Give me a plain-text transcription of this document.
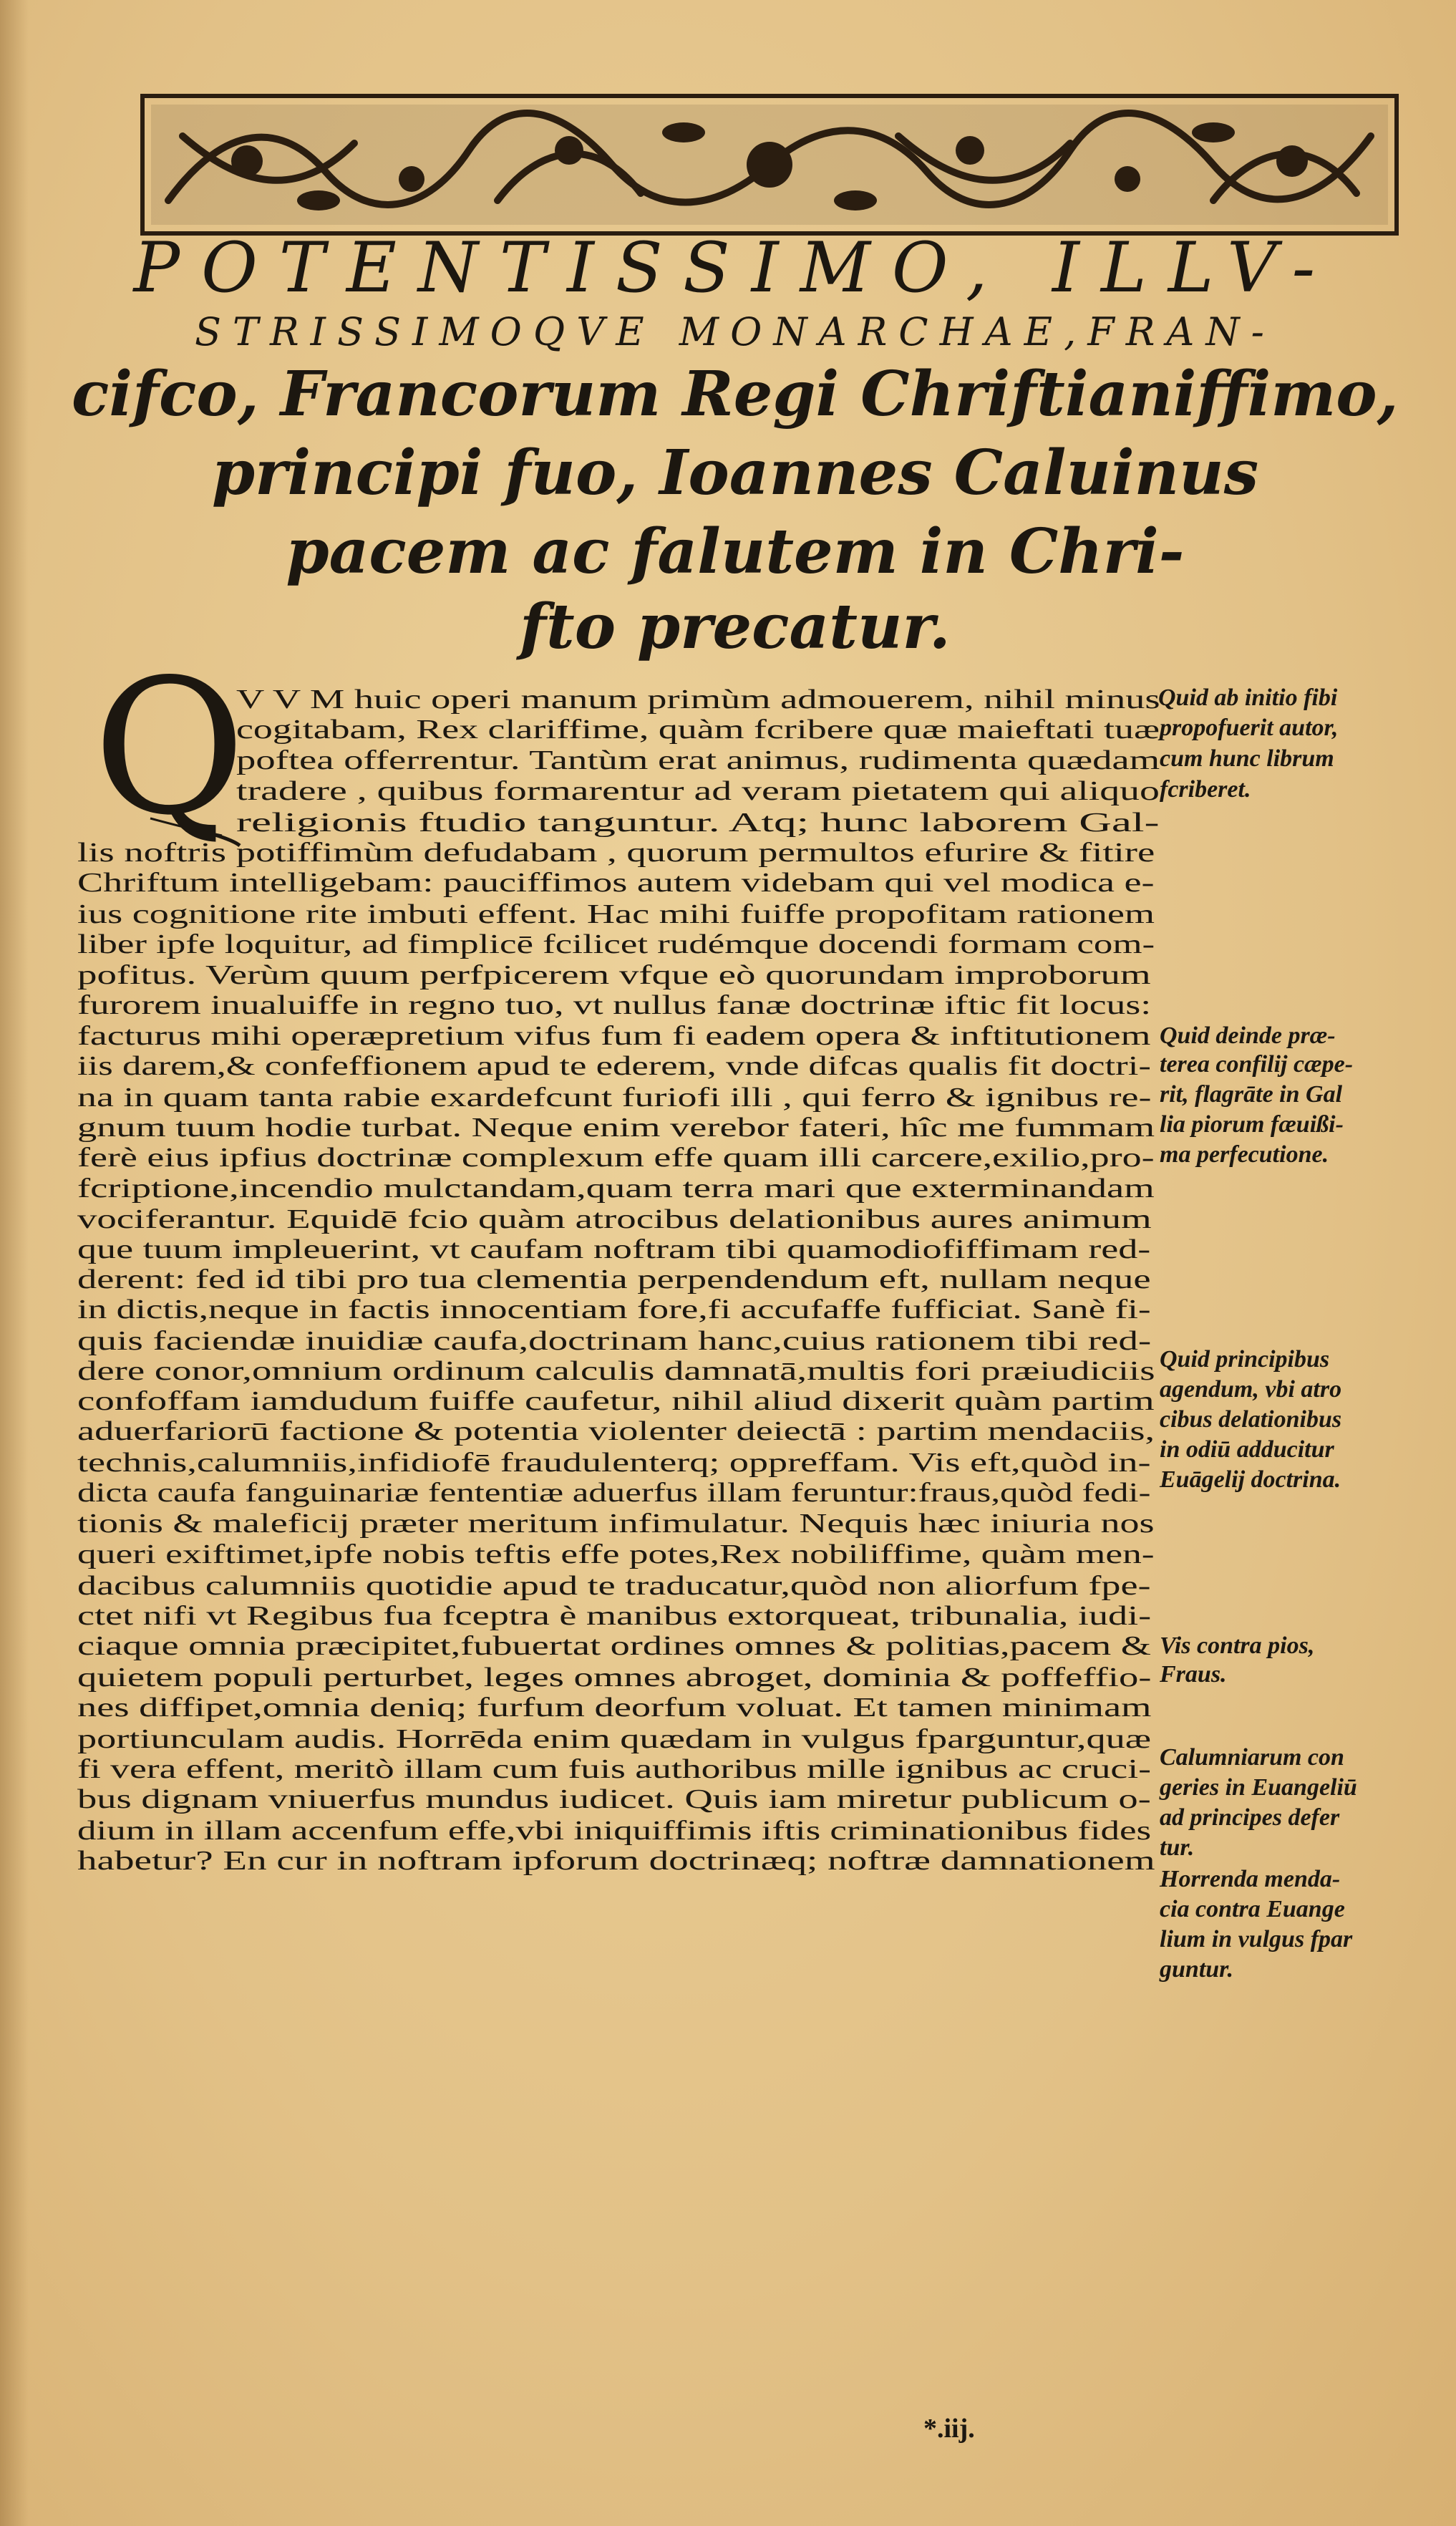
POTENTISSIMO, ILLV-
STRISSIMOQVE MONARCHAE,FRAN-
cifco, Francorum Regi Chriftianiffimo,
principi fuo, Ioannes Caluinus
pacem ac falutem in Chri-
fto precatur.
Q
V V M huic operi manum primùm admouerem, nihil minus
cogitabam, Rex clariffime, quàm fcribere quæ maieftati tuæ
poftea offerrentur. Tantùm erat animus, rudimenta quædam
tradere , quibus formarentur ad veram pietatem qui aliquo
religionis ftudio tanguntur. Atq; hunc laborem Gal-
lis noftris potiffimùm defudabam , quorum permultos efurire & fitire
Chriftum intelligebam: pauciffimos autem videbam qui vel modica e-
ius cognitione rite imbuti effent. Hac mihi fuiffe propofitam rationem
liber ipfe loquitur, ad fimplicē fcilicet rudémque docendi formam com-
pofitus. Verùm quum perfpicerem vfque eò quorundam improborum
furorem inualuiffe in regno tuo, vt nullus fanæ doctrinæ iftic fit locus:
facturus mihi operæpretium vifus fum fi eadem opera & inftitutionem
iis darem,& confeffionem apud te ederem, vnde difcas qualis fit doctri-
na in quam tanta rabie exardefcunt furiofi illi , qui ferro & ignibus re-
gnum tuum hodie turbat. Neque enim verebor fateri, hîc me fummam
ferè eius ipfius doctrinæ complexum effe quam illi carcere,exilio,pro-
fcriptione,incendio mulctandam,quam terra mari que exterminandam
vociferantur. Equidē fcio quàm atrocibus delationibus aures animum
que tuum impleuerint, vt caufam noftram tibi quamodiofiffimam red-
derent: fed id tibi pro tua clementia perpendendum eft, nullam neque
in dictis,neque in factis innocentiam fore,fi accufaffe fufficiat. Sanè fi-
quis faciendæ inuidiæ caufa,doctrinam hanc,cuius rationem tibi red-
dere conor,omnium ordinum calculis damnatā,multis fori præiudiciis
confoffam iamdudum fuiffe caufetur, nihil aliud dixerit quàm partim
aduerfariorū factione & potentia violenter deiectā : partim mendaciis,
technis,calumniis,infidiofē fraudulenterq; oppreffam. Vis eft,quòd in-
dicta caufa fanguinariæ fententiæ aduerfus illam feruntur:fraus,quòd fedi-
tionis & maleficij præter meritum infimulatur. Nequis hæc iniuria nos
queri exiftimet,ipfe nobis teftis effe potes,Rex nobiliffime, quàm men-
dacibus calumniis quotidie apud te traducatur,quòd non aliorfum fpe-
ctet nifi vt Regibus fua fceptra è manibus extorqueat, tribunalia, iudi-
ciaque omnia præcipitet,fubuertat ordines omnes & politias,pacem &
quietem populi perturbet, leges omnes abroget, dominia & poffeffio-
nes diffipet,omnia deniq; furfum deorfum voluat. Et tamen minimam
portiunculam audis. Horrēda enim quædam in vulgus fparguntur,quæ
fi vera effent, meritò illam cum fuis authoribus mille ignibus ac cruci-
bus dignam vniuerfus mundus iudicet. Quis iam miretur publicum o-
dium in illam accenfum effe,vbi iniquiffimis iftis criminationibus fides
habetur? En cur in noftram ipforum doctrinæq; noftræ damnationem
Quid ab initio fibi
propofuerit autor,
cum hunc librum
fcriberet.
Quid deinde præ-
terea confilij cæpe-
rit, flagrāte in Gal
lia piorum fæuißi-
ma perfecutione.
Quid principibus
agendum, vbi atro
cibus delationibus
in odiū adducitur
Euāgelij doctrina.
Vis contra pios,
Fraus.
Calumniarum con
geries in Euangeliū
ad principes defer
tur.
Horrenda menda-
cia contra Euange
lium in vulgus fpar
guntur.
*.iij.
